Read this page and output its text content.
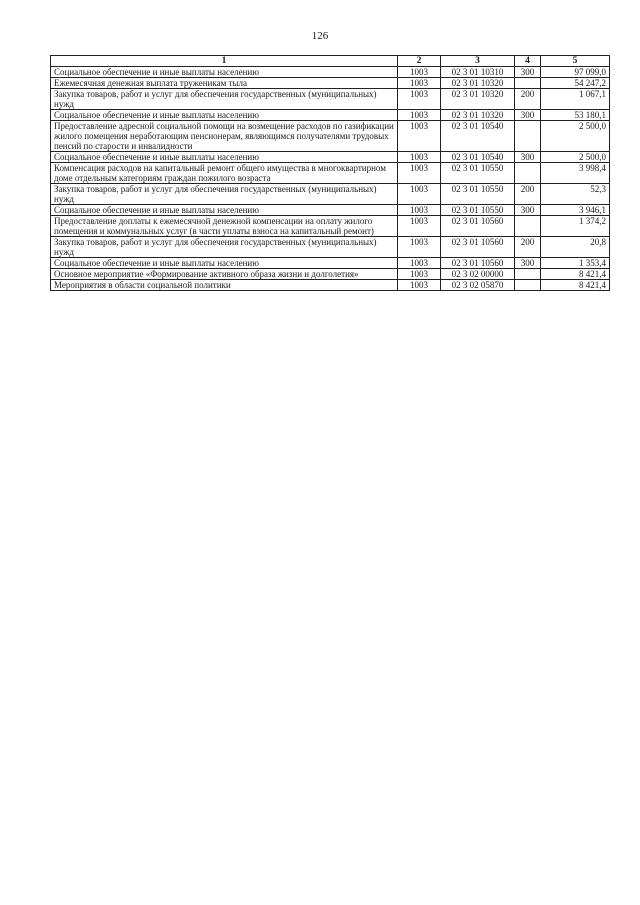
126
1	2	3	4	5
Социальное обеспечение и иные выплаты населению	1003	02 3 01 10310	300	97 099,0
Ежемесячная денежная выплата труженикам тыла	1003	02 3 01 10320		54 247,2
Закупка товаров, работ и услуг для обеспечения государственных (муниципальных) нужд	1003	02 3 01 10320	200	1 067,1
Социальное обеспечение и иные выплаты населению	1003	02 3 01 10320	300	53 180,1
Предоставление адресной социальной помощи на возмещение расходов по газификации жилого помещения неработающим пенсионерам, являющимся получателями трудовых пенсий по старости и инвалидности	1003	02 3 01 10540		2 500,0
Социальное обеспечение и иные выплаты населению	1003	02 3 01 10540	300	2 500,0
Компенсация расходов на капитальный ремонт общего имущества в многоквартирном доме отдельным категориям граждан пожилого возраста	1003	02 3 01 10550		3 998,4
Закупка товаров, работ и услуг для обеспечения государственных (муниципальных) нужд	1003	02 3 01 10550	200	52,3
Социальное обеспечение и иные выплаты населению	1003	02 3 01 10550	300	3 946,1
Предоставление доплаты к ежемесячной денежной компенсации на оплату жилого помещения и коммунальных услуг (в части уплаты взноса на капитальный ремонт)	1003	02 3 01 10560		1 374,2
Закупка товаров, работ и услуг для обеспечения государственных (муниципальных) нужд	1003	02 3 01 10560	200	20,8
Социальное обеспечение и иные выплаты населению	1003	02 3 01 10560	300	1 353,4
Основное мероприятие «Формирование активного образа жизни и долголетия»	1003	02 3 02 00000		8 421,4
Мероприятия в области социальной политики	1003	02 3 02 05870		8 421,4
